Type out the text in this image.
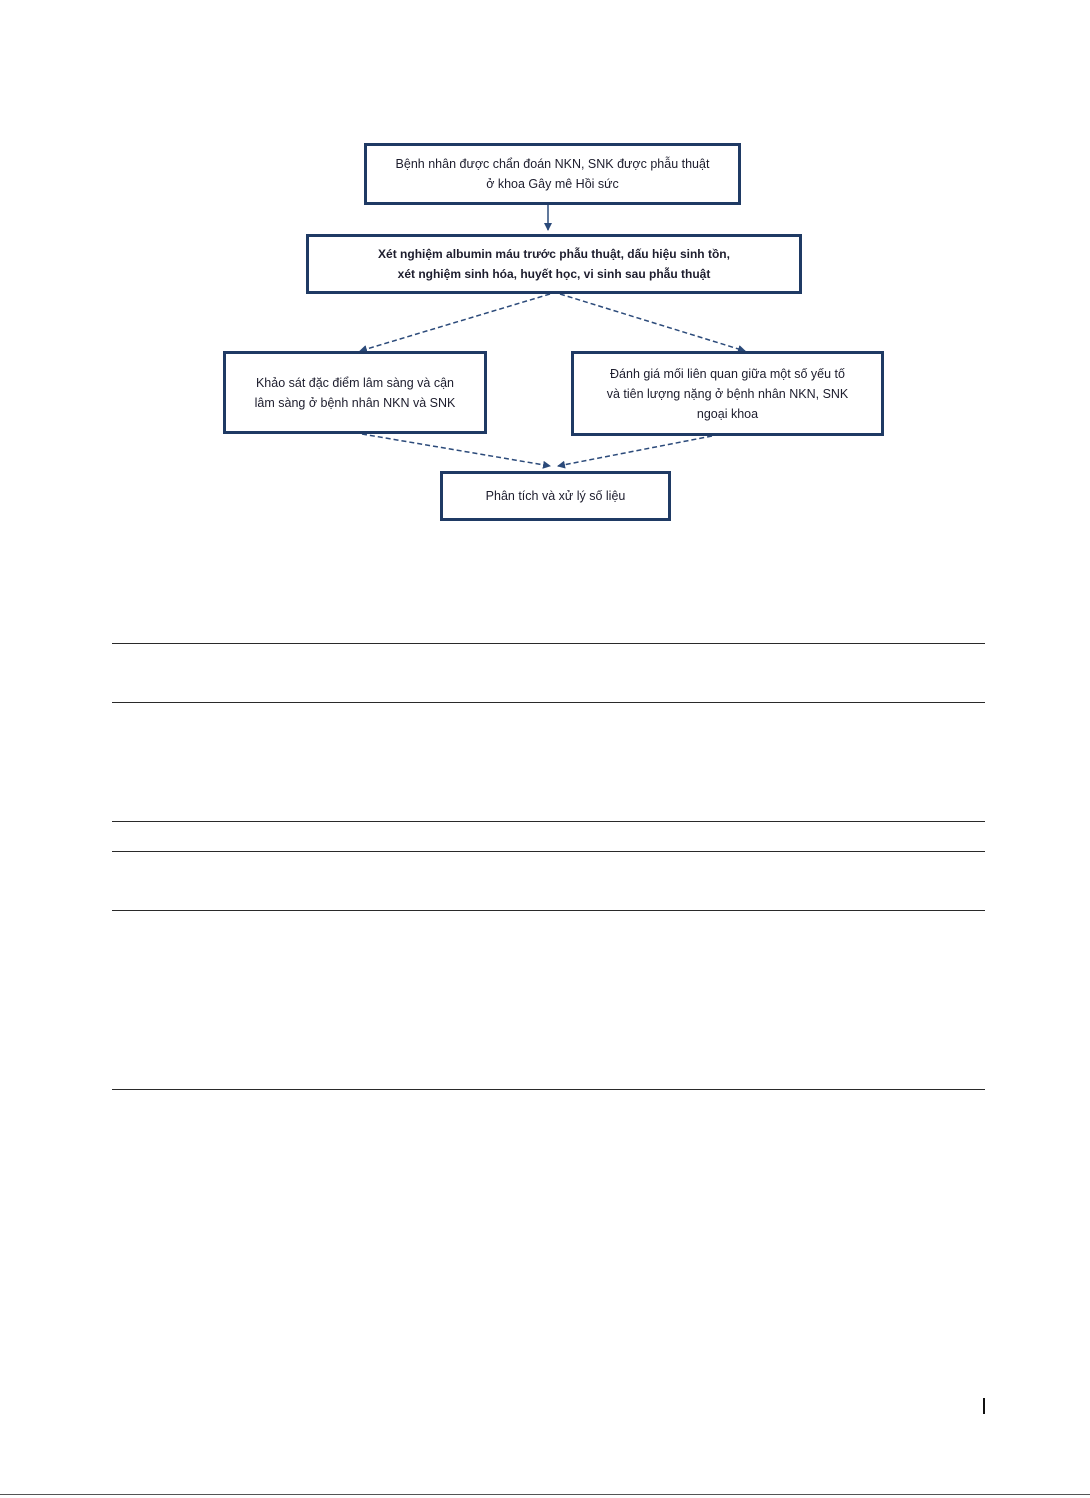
Bệnh nhân được chẩn đoán NKN, SNK được phẫu thuật
ở khoa Gây mê Hồi sức
Xét nghiệm albumin máu trước phẫu thuật, dấu hiệu sinh tồn,
xét nghiệm sinh hóa, huyết học, vi sinh sau phẫu thuật
Khảo sát đặc điểm lâm sàng và cận
lâm sàng ở bệnh nhân NKN và SNK
Đánh giá mối liên quan giữa một số yếu tố
và tiên lượng nặng ở bệnh nhân NKN, SNK
ngoại khoa
Phân tích và xử lý số liệu
